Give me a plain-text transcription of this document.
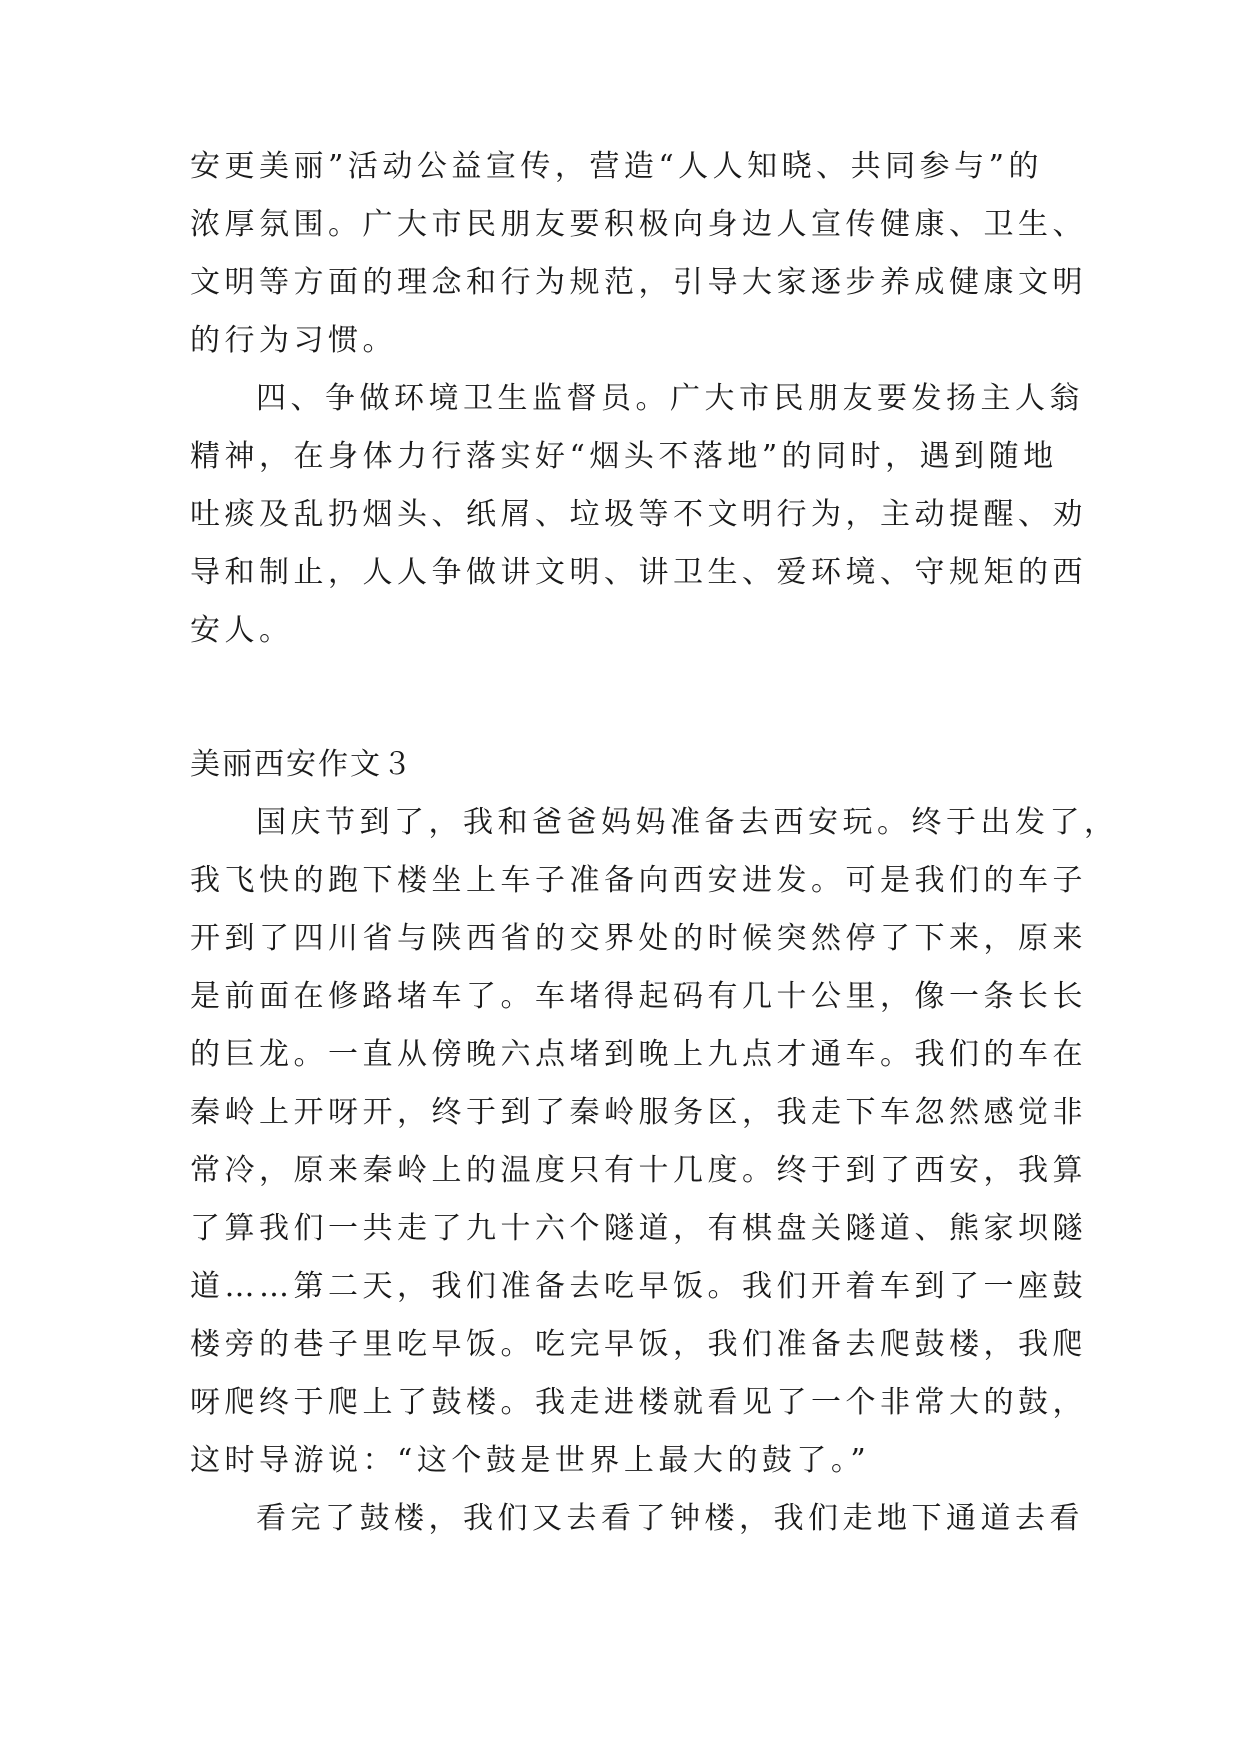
安更美丽”活动公益宣传，营造“人人知晓、共同参与”的
浓厚氛围。广大市民朋友要积极向身边人宣传健康、卫生、
文明等方面的理念和行为规范，引导大家逐步养成健康文明
的行为习惯。
四、争做环境卫生监督员。广大市民朋友要发扬主人翁
精神，在身体力行落实好“烟头不落地”的同时，遇到随地
吐痰及乱扔烟头、纸屑、垃圾等不文明行为，主动提醒、劝
导和制止，人人争做讲文明、讲卫生、爱环境、守规矩的西
安人。
美丽西安作文３
国庆节到了，我和爸爸妈妈准备去西安玩。终于出发了，
我飞快的跑下楼坐上车子准备向西安进发。可是我们的车子
开到了四川省与陕西省的交界处的时候突然停了下来，原来
是前面在修路堵车了。车堵得起码有几十公里，像一条长长
的巨龙。一直从傍晚六点堵到晚上九点才通车。我们的车在
秦岭上开呀开，终于到了秦岭服务区，我走下车忽然感觉非
常冷，原来秦岭上的温度只有十几度。终于到了西安，我算
了算我们一共走了九十六个隧道，有棋盘关隧道、熊家坝隧
道……第二天，我们准备去吃早饭。我们开着车到了一座鼓
楼旁的巷子里吃早饭。吃完早饭，我们准备去爬鼓楼，我爬
呀爬终于爬上了鼓楼。我走进楼就看见了一个非常大的鼓，
这时导游说：“这个鼓是世界上最大的鼓了。”
看完了鼓楼，我们又去看了钟楼，我们走地下通道去看
